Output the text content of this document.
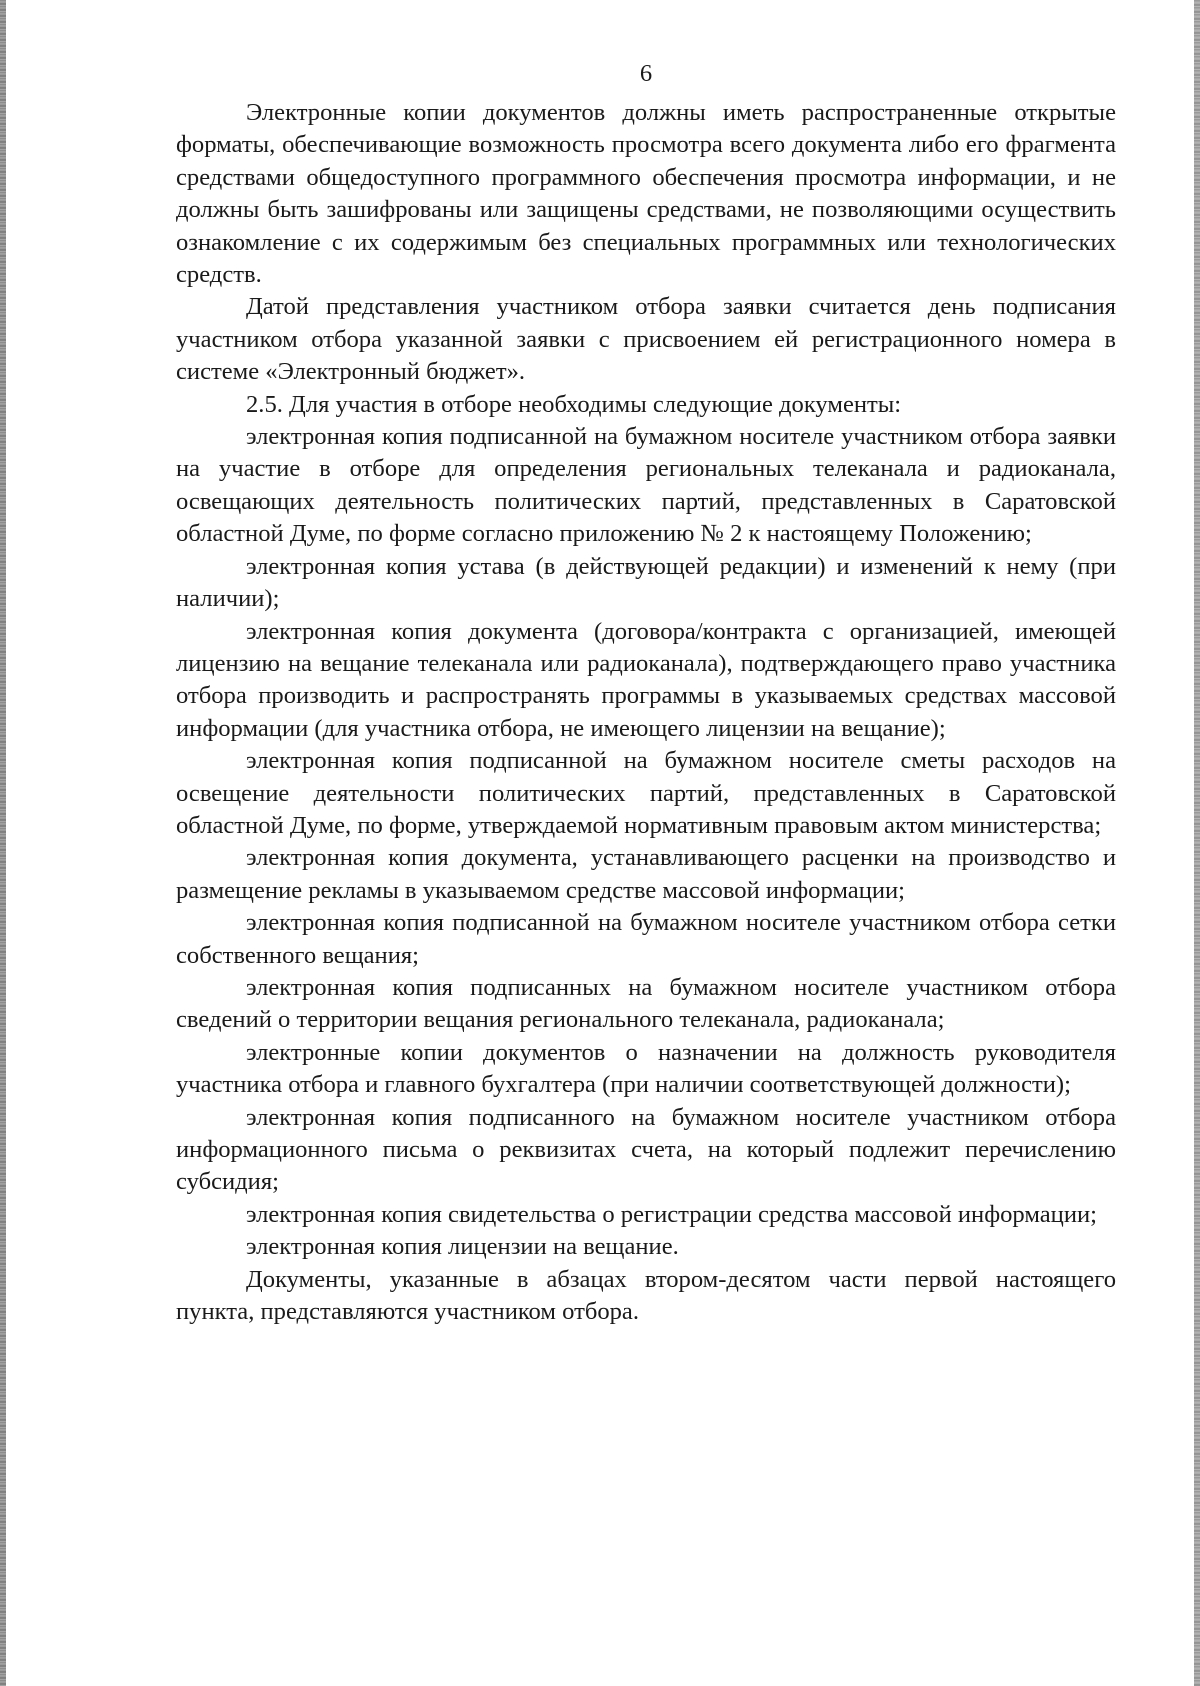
6

Электронные копии документов должны иметь распространенные открытые форматы, обеспечивающие возможность просмотра всего документа либо его фрагмента средствами общедоступного программного обеспечения просмотра информации, и не должны быть зашифрованы или защищены средствами, не позволяющими осуществить ознакомление с их содержимым без специальных программных или технологических средств.

Датой представления участником отбора заявки считается день подписания участником отбора указанной заявки с присвоением ей регистрационного номера в системе «Электронный бюджет».

2.5. Для участия в отборе необходимы следующие документы:

электронная копия подписанной на бумажном носителе участником отбора заявки на участие в отборе для определения региональных телеканала и радиоканала, освещающих деятельность политических партий, представленных в Саратовской областной Думе, по форме согласно приложению № 2 к настоящему Положению;

электронная копия устава (в действующей редакции) и изменений к нему (при наличии);

электронная копия документа (договора/контракта с организацией, имеющей лицензию на вещание телеканала или радиоканала), подтверждающего право участника отбора производить и распространять программы в указываемых средствах массовой информации (для участника отбора, не имеющего лицензии на вещание);

электронная копия подписанной на бумажном носителе сметы расходов на освещение деятельности политических партий, представленных в Саратовской областной Думе, по форме, утверждаемой нормативным правовым актом министерства;

электронная копия документа, устанавливающего расценки на производство и размещение рекламы в указываемом средстве массовой информации;

электронная копия подписанной на бумажном носителе участником отбора сетки собственного вещания;

электронная копия подписанных на бумажном носителе участником отбора сведений о территории вещания регионального телеканала, радиоканала;

электронные копии документов о назначении на должность руководителя участника отбора и главного бухгалтера (при наличии соответствующей должности);

электронная копия подписанного на бумажном носителе участником отбора информационного письма о реквизитах счета, на который подлежит перечислению субсидия;

электронная копия свидетельства о регистрации средства массовой информации;

электронная копия лицензии на вещание.

Документы, указанные в абзацах втором-десятом части первой настоящего пункта, представляются участником отбора.
